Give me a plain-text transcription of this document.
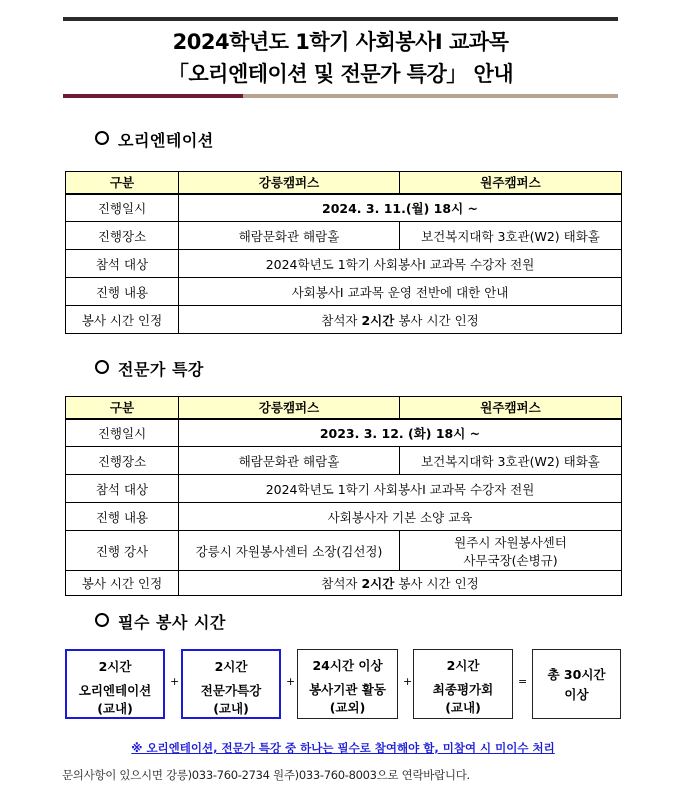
2024학년도 1학기 사회봉사Ⅰ 교과목
「오리엔테이션 및 전문가 특강」 안내
오리엔테이션
구분	강릉캠퍼스	원주캠퍼스
진행일시	2024. 3. 11.(월) 18시 ~	
진행장소	해람문화관 해람홀	보건복지대학 3호관(W2) 태화홀
참석 대상	2024학년도 1학기 사회봉사Ⅰ 교과목 수강자 전원	
진행 내용	사회봉사Ⅰ 교과목 운영 전반에 대한 안내	
봉사 시간 인정	참석자 2시간 봉사 시간 인정	
전문가 특강
구분	강릉캠퍼스	원주캠퍼스
진행일시	2023. 3. 12. (화) 18시 ~	
진행장소	해람문화관 해람홀	보건복지대학 3호관(W2) 태화홀
참석 대상	2024학년도 1학기 사회봉사Ⅰ 교과목 수강자 전원	
진행 내용	사회봉사자 기본 소양 교육	
진행 강사	강릉시 자원봉사센터 소장(김선정)	원주시 자원봉사센터
사무국장(손병규)

봉사 시간 인정	참석자 2시간 봉사 시간 인정	
필수 봉사 시간
2시간
오리엔테이션
(교내)
+
2시간
전문가특강
(교내)
+
24시간 이상
봉사기관 활동
(교외)
+
2시간
최종평가회
(교내)
=	총 30시간
이상
※ 오리엔테이션, 전문가 특강 중 하나는 필수로 참여해야 함, 미참여 시 미이수 처리
문의사항이 있으시면 강릉)033-760-2734 원주)033-760-8003으로 연락바랍니다.
